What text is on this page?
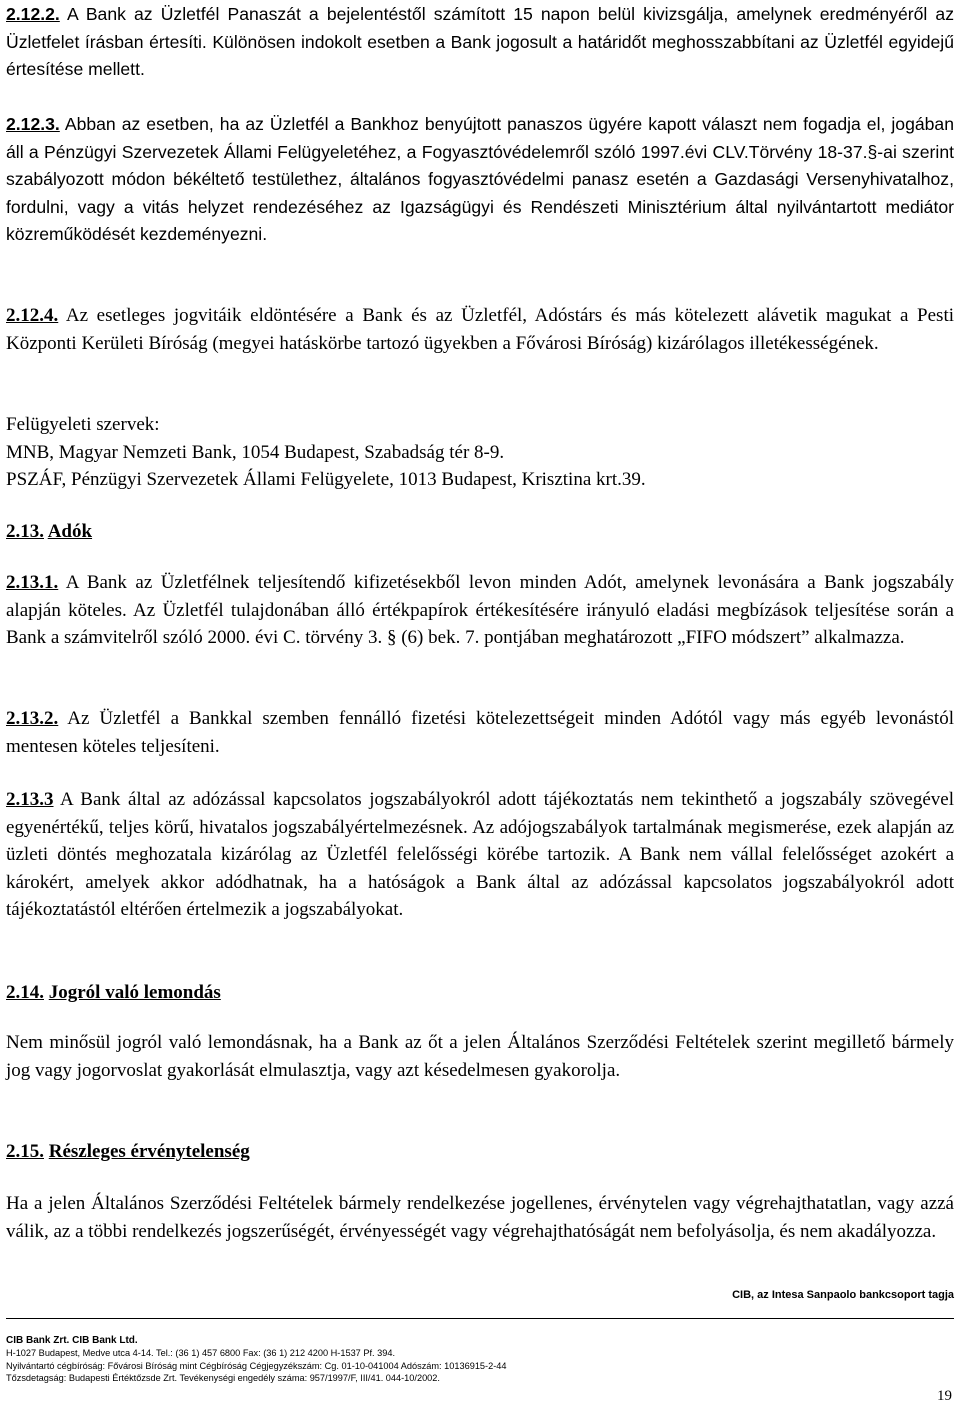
2.12.2. A Bank az Üzletfél Panaszát a bejelentéstől számított 15 napon belül kivizsgálja, amelynek eredményéről az Üzletfelet írásban értesíti. Különösen indokolt esetben a Bank jogosult a határidőt meghosszabbítani az Üzletfél egyidejű értesítése mellett.

2.12.3. Abban az esetben, ha az Üzletfél a Bankhoz benyújtott panaszos ügyére kapott választ nem fogadja el, jogában áll a Pénzügyi Szervezetek Állami Felügyeletéhez, a Fogyasztóvédelemről szóló 1997.évi CLV.Törvény 18-37.§-ai szerint szabályozott módon békéltető testülethez, általános fogyasztóvédelmi panasz esetén a Gazdasági Versenyhivatalhoz, fordulni, vagy a vitás helyzet rendezéséhez az Igazságügyi és Rendészeti Minisztérium által nyilvántartott mediátor közreműködését kezdeményezni.

2.12.4. Az esetleges jogvitáik eldöntésére a Bank és az Üzletfél, Adóstárs és más kötelezett alávetik magukat a Pesti Központi Kerületi Bíróság (megyei hatáskörbe tartozó ügyekben a Fővárosi Bíróság) kizárólagos illetékességének.

Felügyeleti szervek:

MNB, Magyar Nemzeti Bank, 1054 Budapest, Szabadság tér 8-9.

PSZÁF, Pénzügyi Szervezetek Állami Felügyelete, 1013 Budapest, Krisztina krt.39.

2.13. Adók

2.13.1. A Bank az Üzletfélnek teljesítendő kifizetésekből levon minden Adót, amelynek levonására a Bank jogszabály alapján köteles. Az Üzletfél tulajdonában álló értékpapírok értékesítésére irányuló eladási megbízások teljesítése során a Bank a számvitelről szóló 2000. évi C. törvény 3. § (6) bek. 7. pontjában meghatározott „FIFO módszert” alkalmazza.

2.13.2. Az Üzletfél a Bankkal szemben fennálló fizetési kötelezettségeit minden Adótól vagy más egyéb levonástól mentesen köteles teljesíteni.

2.13.3 A Bank által az adózással kapcsolatos jogszabályokról adott tájékoztatás nem tekinthető a jogszabály szövegével egyenértékű, teljes körű, hivatalos jogszabályértelmezésnek. Az adójogszabályok tartalmának megismerése, ezek alapján az üzleti döntés meghozatala kizárólag az Üzletfél felelősségi körébe tartozik. A Bank nem vállal felelősséget azokért a károkért, amelyek akkor adódhatnak, ha a hatóságok a Bank által az adózással kapcsolatos jogszabályokról adott tájékoztatástól eltérően értelmezik a jogszabályokat.

2.14. Jogról való lemondás

Nem minősül jogról való lemondásnak, ha a Bank az őt a jelen Általános Szerződési Feltételek szerint megillető bármely jog vagy jogorvoslat gyakorlását elmulasztja, vagy azt késedelmesen gyakorolja.

2.15. Részleges érvénytelenség

Ha a jelen Általános Szerződési Feltételek bármely rendelkezése jogellenes, érvénytelen vagy végrehajthatatlan, vagy azzá válik, az a többi rendelkezés jogszerűségét, érvényességét vagy végrehajthatóságát nem befolyásolja, és nem akadályozza.

CIB, az Intesa Sanpaolo bankcsoport tagja
CIB Bank Zrt. CIB Bank Ltd.
H-1027 Budapest, Medve utca 4-14. Tel.: (36 1) 457 6800 Fax: (36 1) 212 4200 H-1537 Pf. 394.
Nyilvántartó cégbíróság: Fővárosi Bíróság mint Cégbíróság Cégjegyzékszám: Cg. 01-10-041004 Adószám: 10136915-2-44
Tőzsdetagság: Budapesti Értéktőzsde Zrt. Tevékenységi engedély száma: 957/1997/F, III/41. 044-10/2002.
19
